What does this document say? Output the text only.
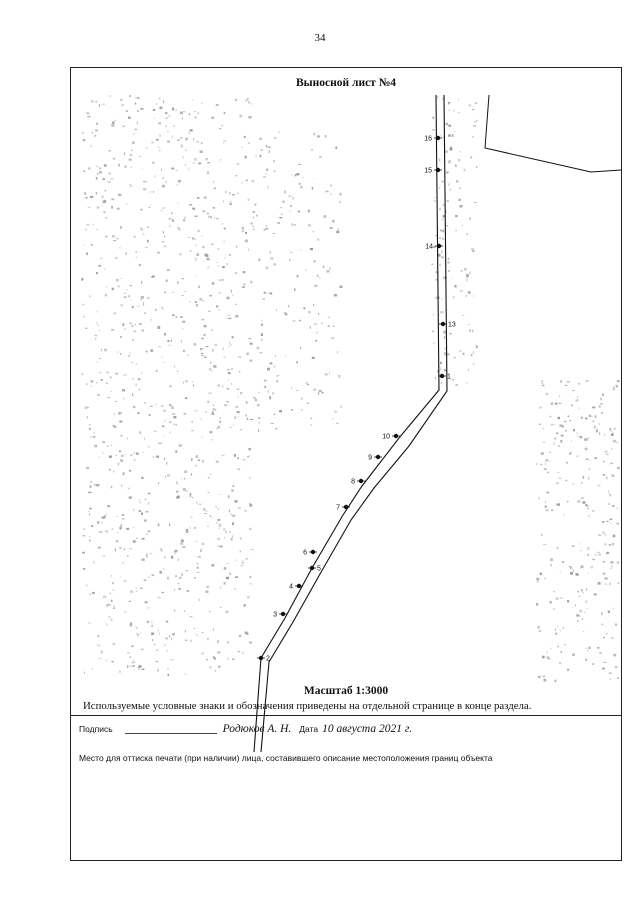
34
Выносной лист №4
16
15
14
13
1
10
9
8
7
6
5
4
3
2
Масштаб 1:3000
Используемые условные знаки и обозначения приведены на отдельной странице в конце раздела.
Подпись	Родюков А. Н. Дата 10 августа 2021 г.
Место для оттиска печати (при наличии) лица, составившего описание местоположения границ объекта
